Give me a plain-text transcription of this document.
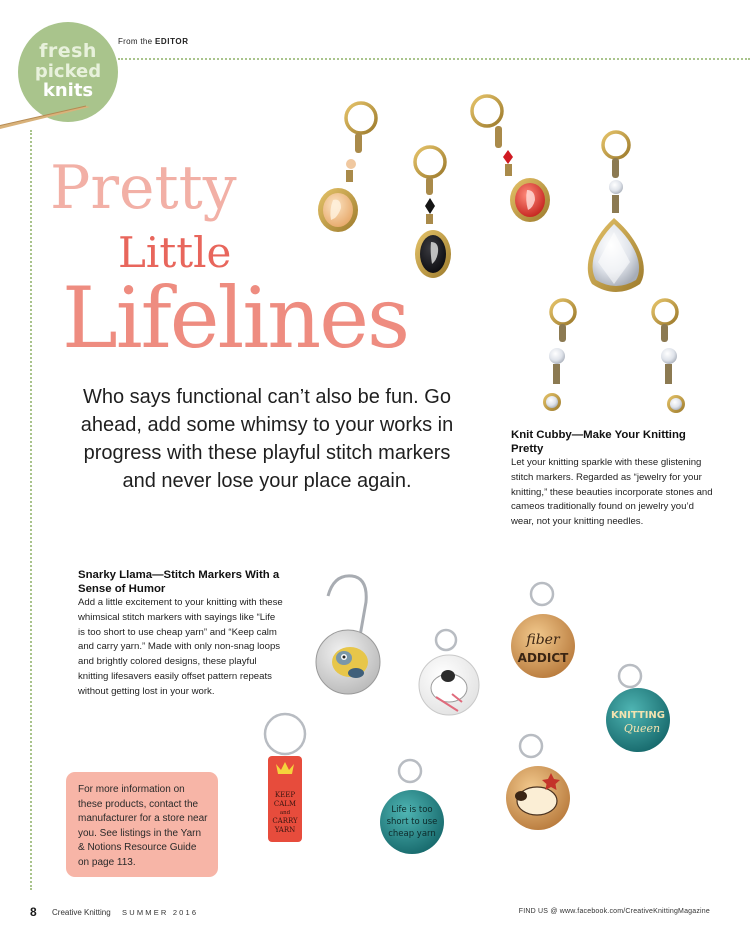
fresh
picked
knits
From the EDITOR
Pretty
Little
Lifelines
Who says functional can’t also be fun. Go ahead, add some whimsy to your works in progress with these playful stitch markers and never lose your place again.
Knit Cubby—Make Your Knitting Pretty

Let your knitting sparkle with these glistening stitch markers. Regarded as “jewelry for your knitting,” these beauties incorporate stones and cameos traditionally found on jewelry you’d wear, not your knitting needles.

Snarky Llama—Stitch Markers With a Sense of Humor

Add a little excitement to your knitting with these whimsical stitch markers with sayings like “Life is too short to use cheap yarn” and “Keep calm and carry yarn.” Made with only non-snag loops and brightly colored designs, these playful knitting lifesavers easily offset pattern repeats without getting lost in your work.

For more information on these products, contact the manufacturer for a store near you. See listings in the Yarn & Notions Resource Guide on page 113.
fiber
ADDICT
KNITTING
Queen
KEEP
CALM
and
CARRY
YARN
Life is too
short to use
cheap yarn
8 Creative Knitting SUMMER 2016	FIND US @ www.facebook.com/CreativeKnittingMagazine
